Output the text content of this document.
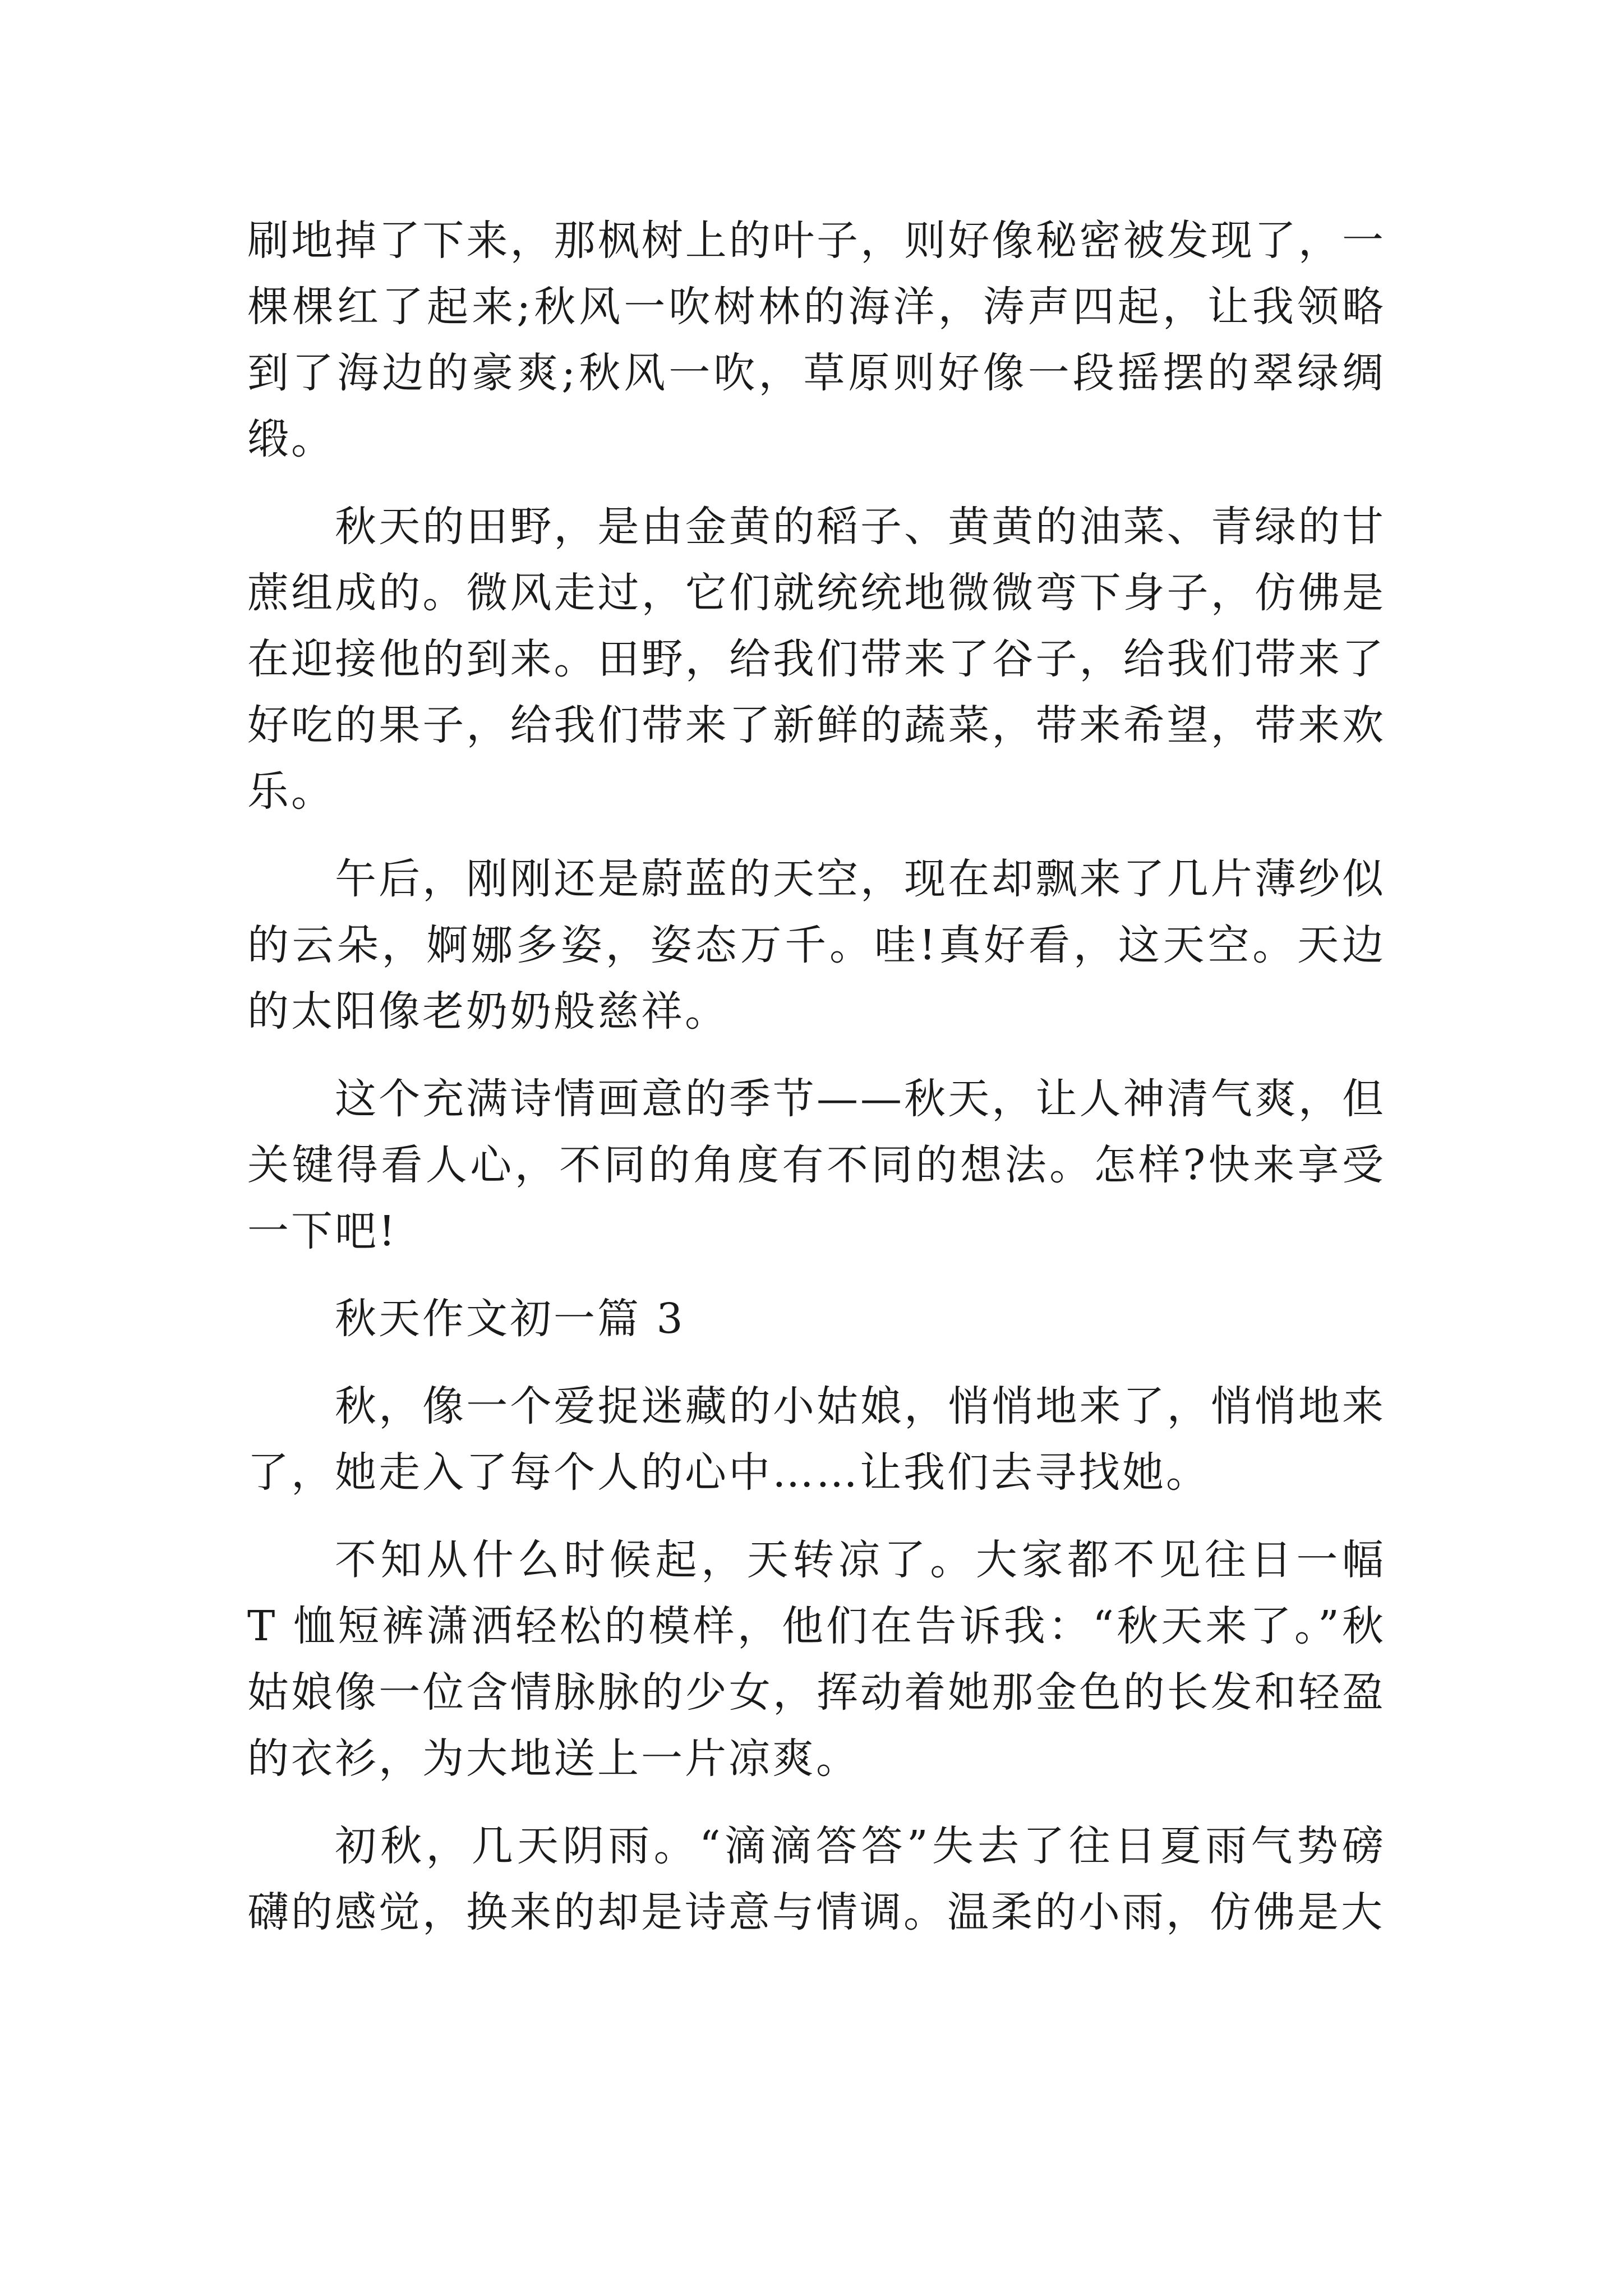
刷地掉了下来，那枫树上的叶子，则好像秘密被发现了，一棵棵红了起来;秋风一吹树林的海洋，涛声四起，让我领略到了海边的豪爽;秋风一吹，草原则好像一段摇摆的翠绿绸缎。

秋天的田野，是由金黄的稻子、黄黄的油菜、青绿的甘蔗组成的。微风走过，它们就统统地微微弯下身子，仿佛是在迎接他的到来。田野，给我们带来了谷子，给我们带来了好吃的果子，给我们带来了新鲜的蔬菜，带来希望，带来欢乐。

午后，刚刚还是蔚蓝的天空，现在却飘来了几片薄纱似的云朵，婀娜多姿，姿态万千。哇!真好看，这天空。天边的太阳像老奶奶般慈祥。

这个充满诗情画意的季节——秋天，让人神清气爽，但关键得看人心，不同的角度有不同的想法。怎样?快来享受一下吧!

秋天作文初一篇 3

秋，像一个爱捉迷藏的小姑娘，悄悄地来了，悄悄地来了，她走入了每个人的心中……让我们去寻找她。

不知从什么时候起，天转凉了。大家都不见往日一幅 T 恤短裤潇洒轻松的模样，他们在告诉我：“秋天来了。”秋姑娘像一位含情脉脉的少女，挥动着她那金色的长发和轻盈的衣衫，为大地送上一片凉爽。

初秋，几天阴雨。“滴滴答答”失去了往日夏雨气势磅礴的感觉，换来的却是诗意与情调。温柔的小雨，仿佛是大
